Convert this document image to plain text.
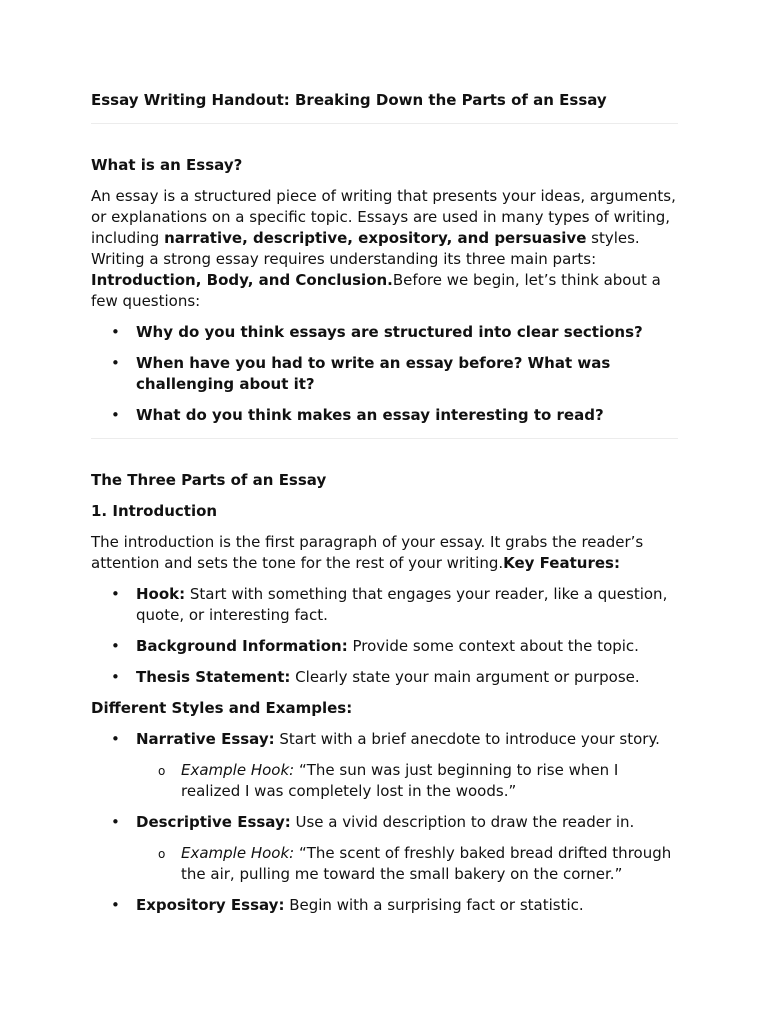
Essay Writing Handout: Breaking Down the Parts of an Essay

What is an Essay?

An essay is a structured piece of writing that presents your ideas, arguments, or explanations on a specific topic. Essays are used in many types of writing, including narrative, descriptive, expository, and persuasive styles. Writing a strong essay requires understanding its three main parts: Introduction, Body, and Conclusion.Before we begin, let’s think about a few questions:

• Why do you think essays are structured into clear sections?
• When have you had to write an essay before? What was challenging about it?
• What do you think makes an essay interesting to read?

The Three Parts of an Essay

1. Introduction

The introduction is the first paragraph of your essay. It grabs the reader’s attention and sets the tone for the rest of your writing.Key Features:

• Hook: Start with something that engages your reader, like a question, quote, or interesting fact.
• Background Information: Provide some context about the topic.
• Thesis Statement: Clearly state your main argument or purpose.

Different Styles and Examples:

• Narrative Essay: Start with a brief anecdote to introduce your story.
o Example Hook: “The sun was just beginning to rise when I realized I was completely lost in the woods.”
• Descriptive Essay: Use a vivid description to draw the reader in.
o Example Hook: “The scent of freshly baked bread drifted through the air, pulling me toward the small bakery on the corner.”
• Expository Essay: Begin with a surprising fact or statistic.
